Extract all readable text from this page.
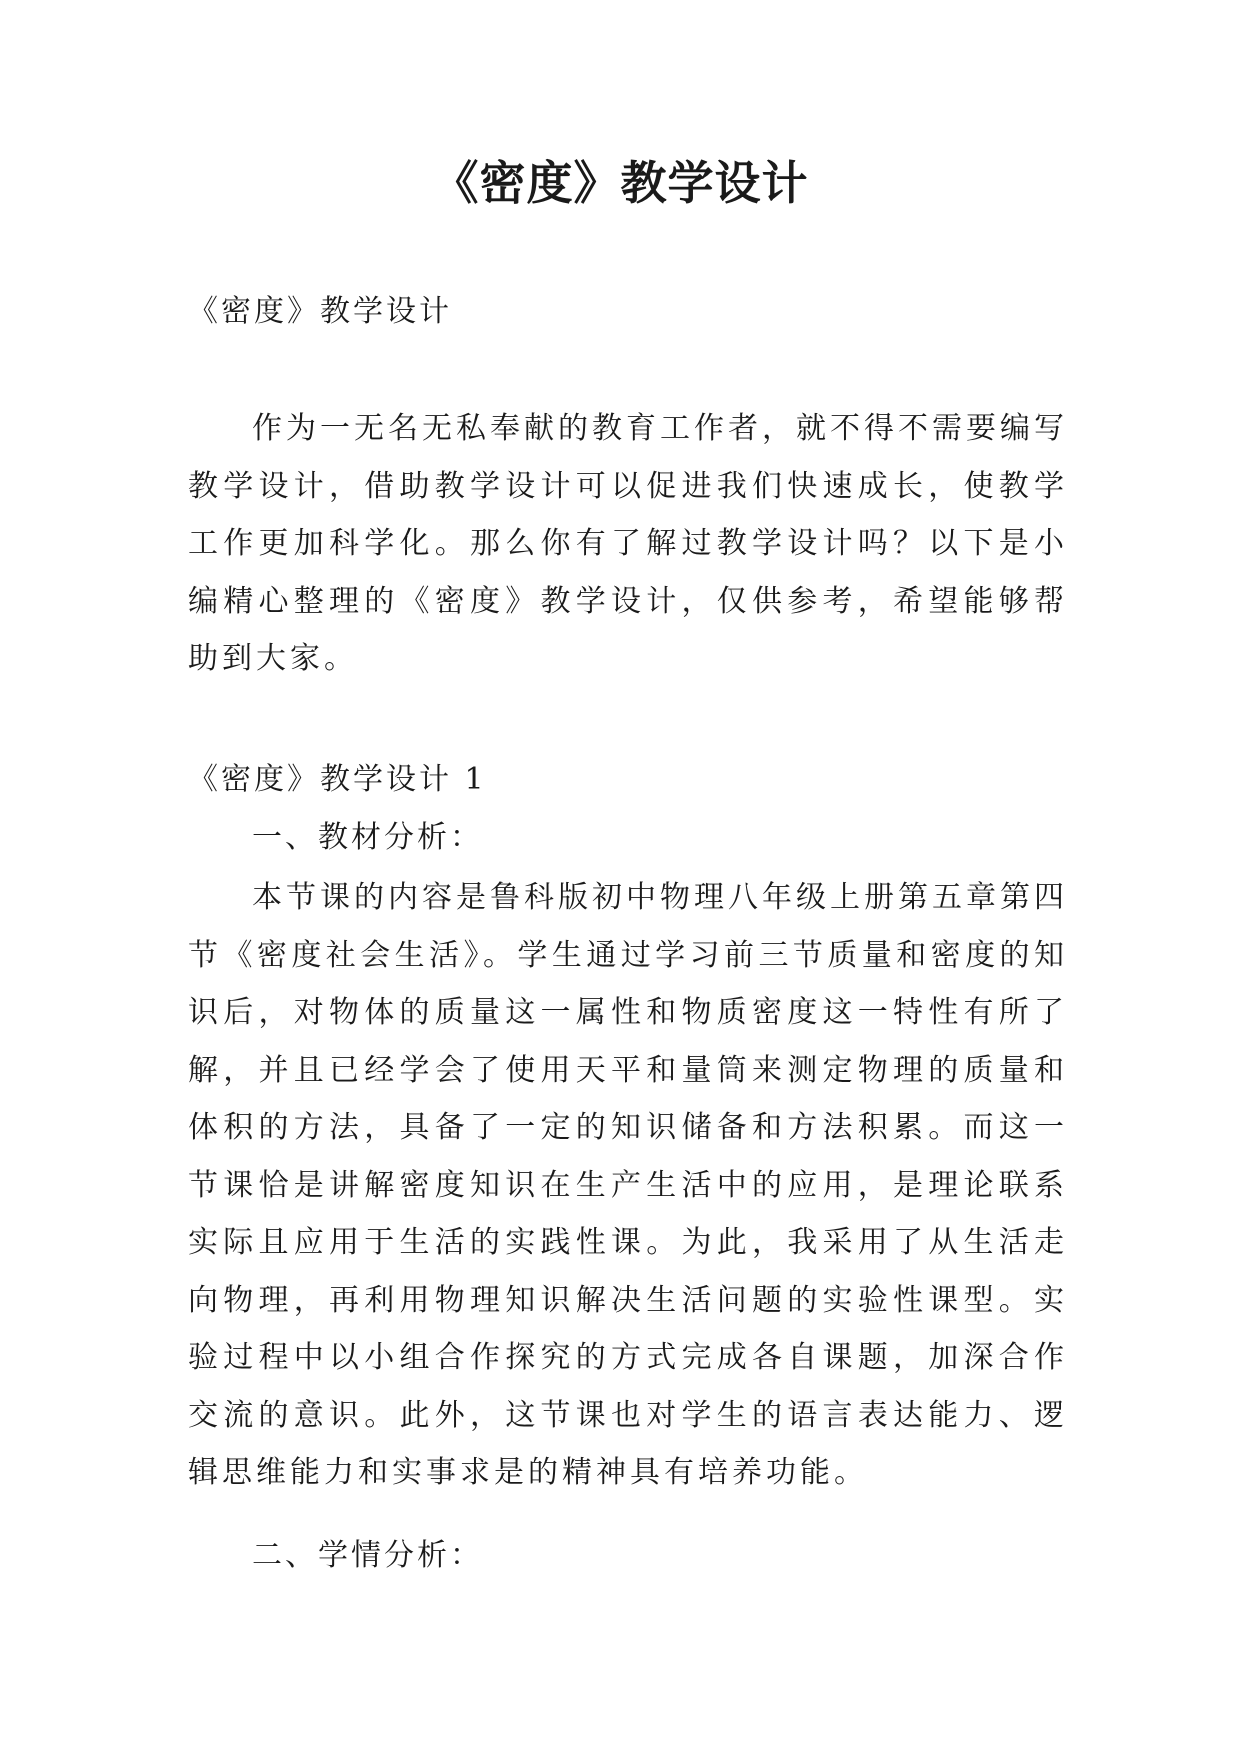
《密度》教学设计

《密度》教学设计

作为一无名无私奉献的教育工作者，就不得不需要编写教学设计，借助教学设计可以促进我们快速成长，使教学工作更加科学化。那么你有了解过教学设计吗？以下是小编精心整理的《密度》教学设计，仅供参考，希望能够帮助到大家。

《密度》教学设计 1

一、教材分析：

本节课的内容是鲁科版初中物理八年级上册第五章第四节《密度社会生活》。学生通过学习前三节质量和密度的知识后，对物体的质量这一属性和物质密度这一特性有所了解，并且已经学会了使用天平和量筒来测定物理的质量和体积的方法，具备了一定的知识储备和方法积累。而这一节课恰是讲解密度知识在生产生活中的应用，是理论联系实际且应用于生活的实践性课。为此，我采用了从生活走向物理，再利用物理知识解决生活问题的实验性课型。实验过程中以小组合作探究的方式完成各自课题，加深合作交流的意识。此外，这节课也对学生的语言表达能力、逻辑思维能力和实事求是的精神具有培养功能。

二、学情分析：
